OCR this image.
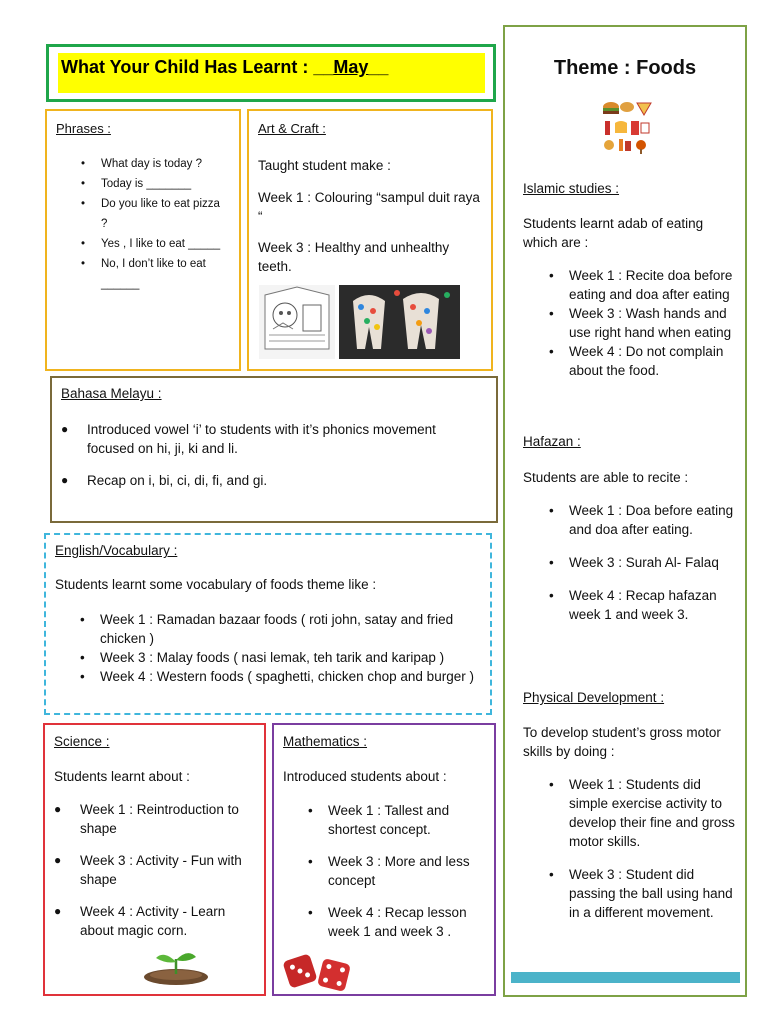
What Your Child Has Learnt : __May__	Theme : Foods
Islamic studies :
Students learnt adab of eating which are :
• Week 1 : Recite doa before eating and doa after eating
• Week 3 : Wash hands and use right hand when eating
• Week 4 : Do not complain about the food.
Hafazan :
Students are able to recite :
• Week 1 : Doa before eating and doa after eating.
• Week 3 : Surah Al- Falaq
• Week 4 : Recap hafazan week 1 and week 3.
Physical Development :
To develop student’s gross motor skills by doing :
• Week 1 : Students did simple exercise activity to develop their fine and gross motor skills.
• Week 3 : Student did passing the ball using hand in a different movement.
Phrases :
• What day is today ?
• Today is _______
• Do you like to eat pizza ?
• Yes , I like to eat _____
• No, I don’t like to eat ______
Art & Craft :
Taught student make :
Week 1 : Colouring “sampul duit raya “
Week 3 : Healthy and unhealthy teeth.
Bahasa Melayu :
● Introduced vowel ‘i’ to students with it’s phonics movement focused on hi, ji, ki and li.
● Recap on i, bi, ci, di, fi, and gi.
English/Vocabulary :
Students learnt some vocabulary of foods theme like :
• Week 1 : Ramadan bazaar foods ( roti john, satay and fried chicken )
• Week 3 : Malay foods ( nasi lemak, teh tarik and karipap )
• Week 4 : Western foods ( spaghetti, chicken chop and burger )
Science :
Students learnt about :
● Week 1 : Reintroduction to shape
● Week 3 : Activity - Fun with shape
● Week 4 : Activity - Learn about magic corn.
Mathematics :
Introduced students about :
• Week 1 : Tallest and shortest concept.
• Week 3 : More and less concept
• Week 4 : Recap lesson week 1 and week 3 .
